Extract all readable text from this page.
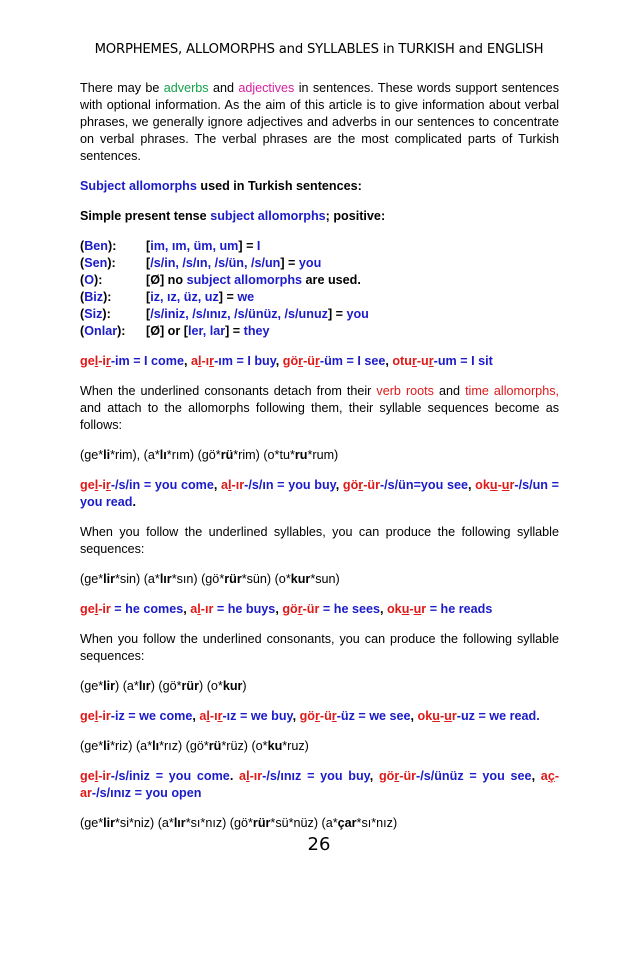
MORPHEMES, ALLOMORPHS and SYLLABLES in TURKISH and ENGLISH

There may be adverbs and adjectives in sentences. These words support sentences with optional information. As the aim of this article is to give information about verbal phrases, we generally ignore adjectives and adverbs in our sentences to concentrate on verbal phrases. The verbal phrases are the most complicated parts of Turkish sentences.

Subject allomorphs used in Turkish sentences:

Simple present tense subject allomorphs; positive:

(Ben): [im, ım, üm, um] = I
(Sen): [/s/in, /s/ın, /s/ün, /s/un] = you
(O):	[Ø] no subject allomorphs are used.
(Biz):	[iz, ız, üz, uz] = we
(Siz):	[/s/iniz, /s/ınız, /s/ünüz, /s/unuz] = you
(Onlar): [Ø] or [ler, lar] = they

gel-ir-im = I come, al-ır-ım = I buy, gör-ür-üm = I see, otur-ur-um = I sit

When the underlined consonants detach from their verb roots and time allomorphs, and attach to the allomorphs following them, their syllable sequences become as follows:

(ge*li*rim), (a*lı*rım) (gö*rü*rim) (o*tu*ru*rum)

gel-ir-/s/in = you come, al-ır-/s/ın = you buy, gör-ür-/s/ün=you see, oku-ur-/s/un = you read.

When you follow the underlined syllables, you can produce the following syllable sequences:

(ge*lir*sin) (a*lır*sın) (gö*rür*sün) (o*kur*sun)

gel-ir = he comes, al-ır = he buys, gör-ür = he sees, oku-ur = he reads

When you follow the underlined consonants, you can produce the following syllable sequences:

(ge*lir) (a*lır) (gö*rür) (o*kur)

gel-ir-iz = we come, al-ır-ız = we buy, gör-ür-üz = we see, oku-ur-uz = we read.

(ge*li*riz) (a*lı*rız) (gö*rü*rüz) (o*ku*ruz)

gel-ir-/s/iniz = you come. al-ır-/s/ınız = you buy, gör-ür-/s/ünüz = you see, aç-ar-/s/ınız = you open

(ge*lir*si*niz) (a*lır*sı*nız) (gö*rür*sü*nüz) (a*çar*sı*nız)

26
